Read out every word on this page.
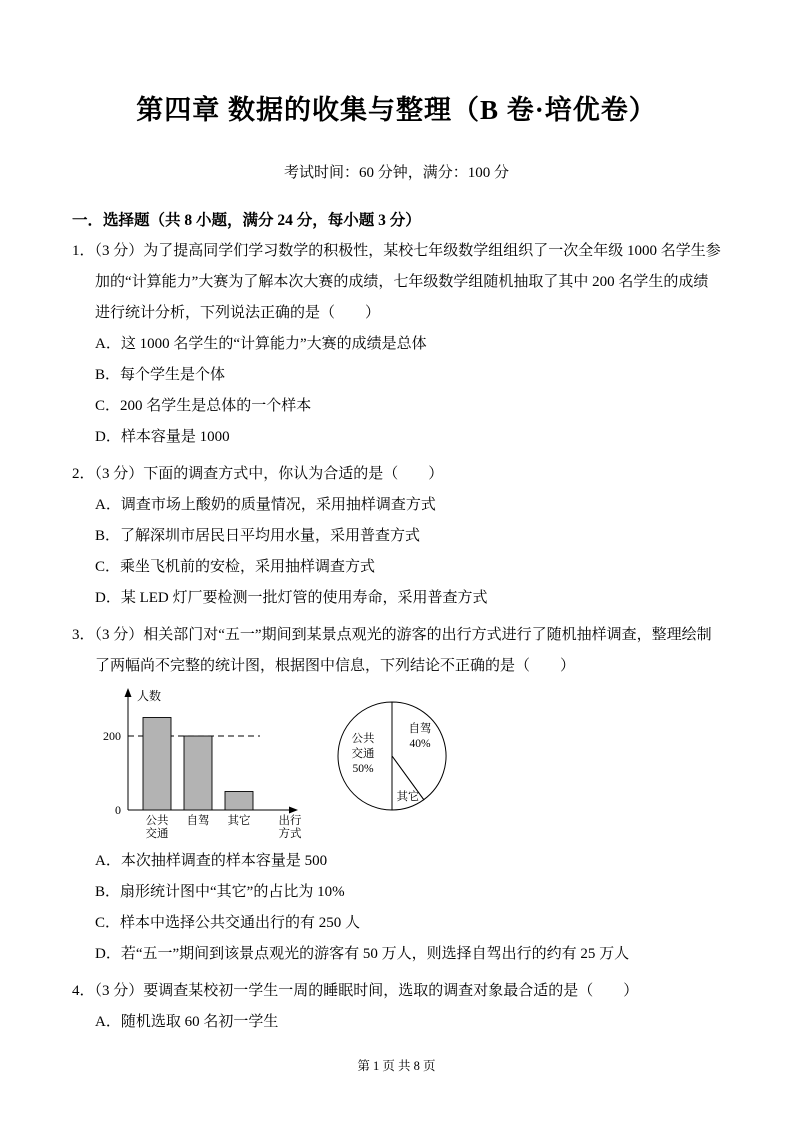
第四章 数据的收集与整理（B 卷·培优卷）

考试时间：60 分钟，满分：100 分

一．选择题（共 8 小题，满分 24 分，每小题 3 分）

1．（3 分）为了提高同学们学习数学的积极性，某校七年级数学组组织了一次全年级 1000 名学生参加的“计算能力”大赛为了解本次大赛的成绩，七年级数学组随机抽取了其中 200 名学生的成绩进行统计分析，下列说法正确的是（　　）

A．这 1000 名学生的“计算能力”大赛的成绩是总体

B．每个学生是个体

C．200 名学生是总体的一个样本

D．样本容量是 1000

2．（3 分）下面的调查方式中，你认为合适的是（　　）

A．调查市场上酸奶的质量情况，采用抽样调查方式

B．了解深圳市居民日平均用水量，采用普查方式

C．乘坐飞机前的安检，采用抽样调查方式

D．某 LED 灯厂要检测一批灯管的使用寿命，采用普查方式

3．（3 分）相关部门对“五一”期间到某景点观光的游客的出行方式进行了随机抽样调查，整理绘制了两幅尚不完整的统计图，根据图中信息，下列结论不正确的是（　　）

人数
200
0
公共
交通
自驾 其它 出行
方式
自驾
40%
其它
公共
交通
50%

A．本次抽样调查的样本容量是 500

B．扇形统计图中“其它”的占比为 10%

C．样本中选择公共交通出行的有 250 人

D．若“五一”期间到该景点观光的游客有 50 万人，则选择自驾出行的约有 25 万人

4．（3 分）要调查某校初一学生一周的睡眠时间，选取的调查对象最合适的是（　　）

A．随机选取 60 名初一学生

第 1 页 共 8 页
